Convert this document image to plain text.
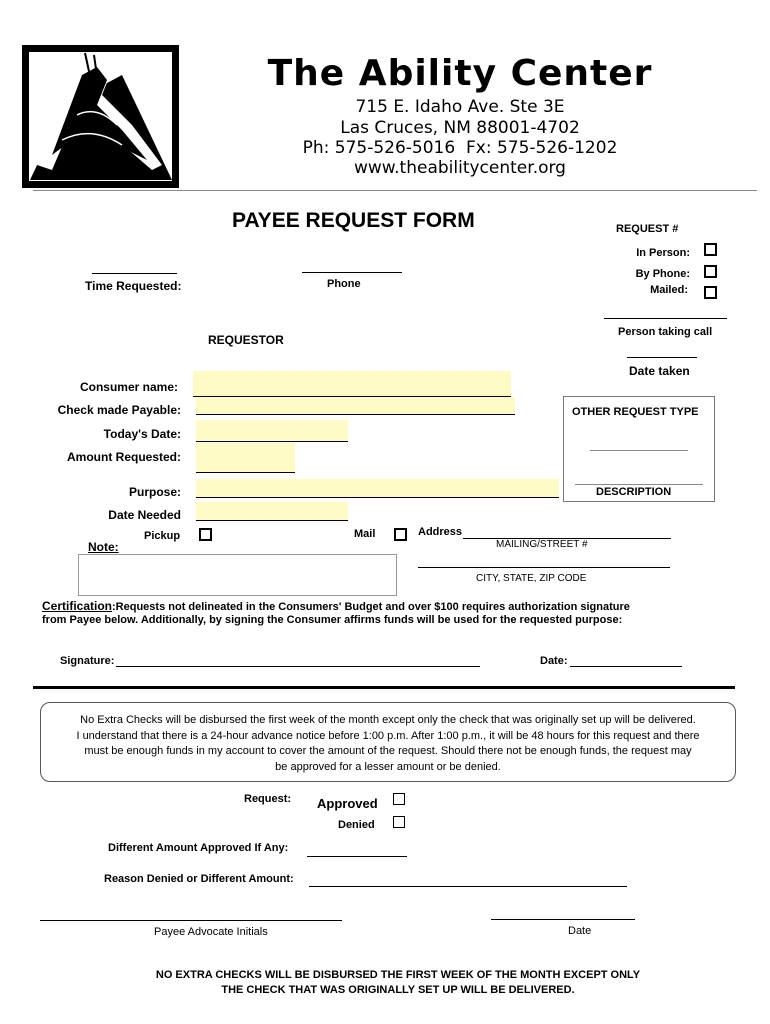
The Ability Center
715 E. Idaho Ave. Ste 3E
Las Cruces, NM 88001-4702
Ph: 575-526-5016  Fx: 575-526-1202
www.theabilitycenter.org
PAYEE REQUEST FORM	REQUEST #
In Person:
By Phone:
Mailed:
Time Requested:	Phone
Person taking call
Date taken
REQUESTOR
Consumer name:
Check made Payable:
Today's Date:
Amount Requested:
Purpose:
Date Needed
OTHER REQUEST TYPE
DESCRIPTION
Pickup	Mail	Address
MAILING/STREET #
CITY, STATE, ZIP CODE
Note:
Certification:Requests not delineated in the Consumers' Budget and over $100 requires authorization signature
from Payee below. Additionally, by signing the Consumer affirms funds will be used for the requested purpose:
Signature:	Date:
No Extra Checks will be disbursed the first week of the month except only the check that was originally set up will be delivered.
I understand that there is a 24-hour advance notice before 1:00 p.m. After 1:00 p.m., it will be 48 hours for this request and there
must be enough funds in my account to cover the amount of the request. Should there not be enough funds, the request may
be approved for a lesser amount or be denied.
Request: Approved
Denied
Different Amount Approved If Any:
Reason Denied or Different Amount:
Payee Advocate Initials	Date
NO EXTRA CHECKS WILL BE DISBURSED THE FIRST WEEK OF THE MONTH EXCEPT ONLY
THE CHECK THAT WAS ORIGINALLY SET UP WILL BE DELIVERED.
